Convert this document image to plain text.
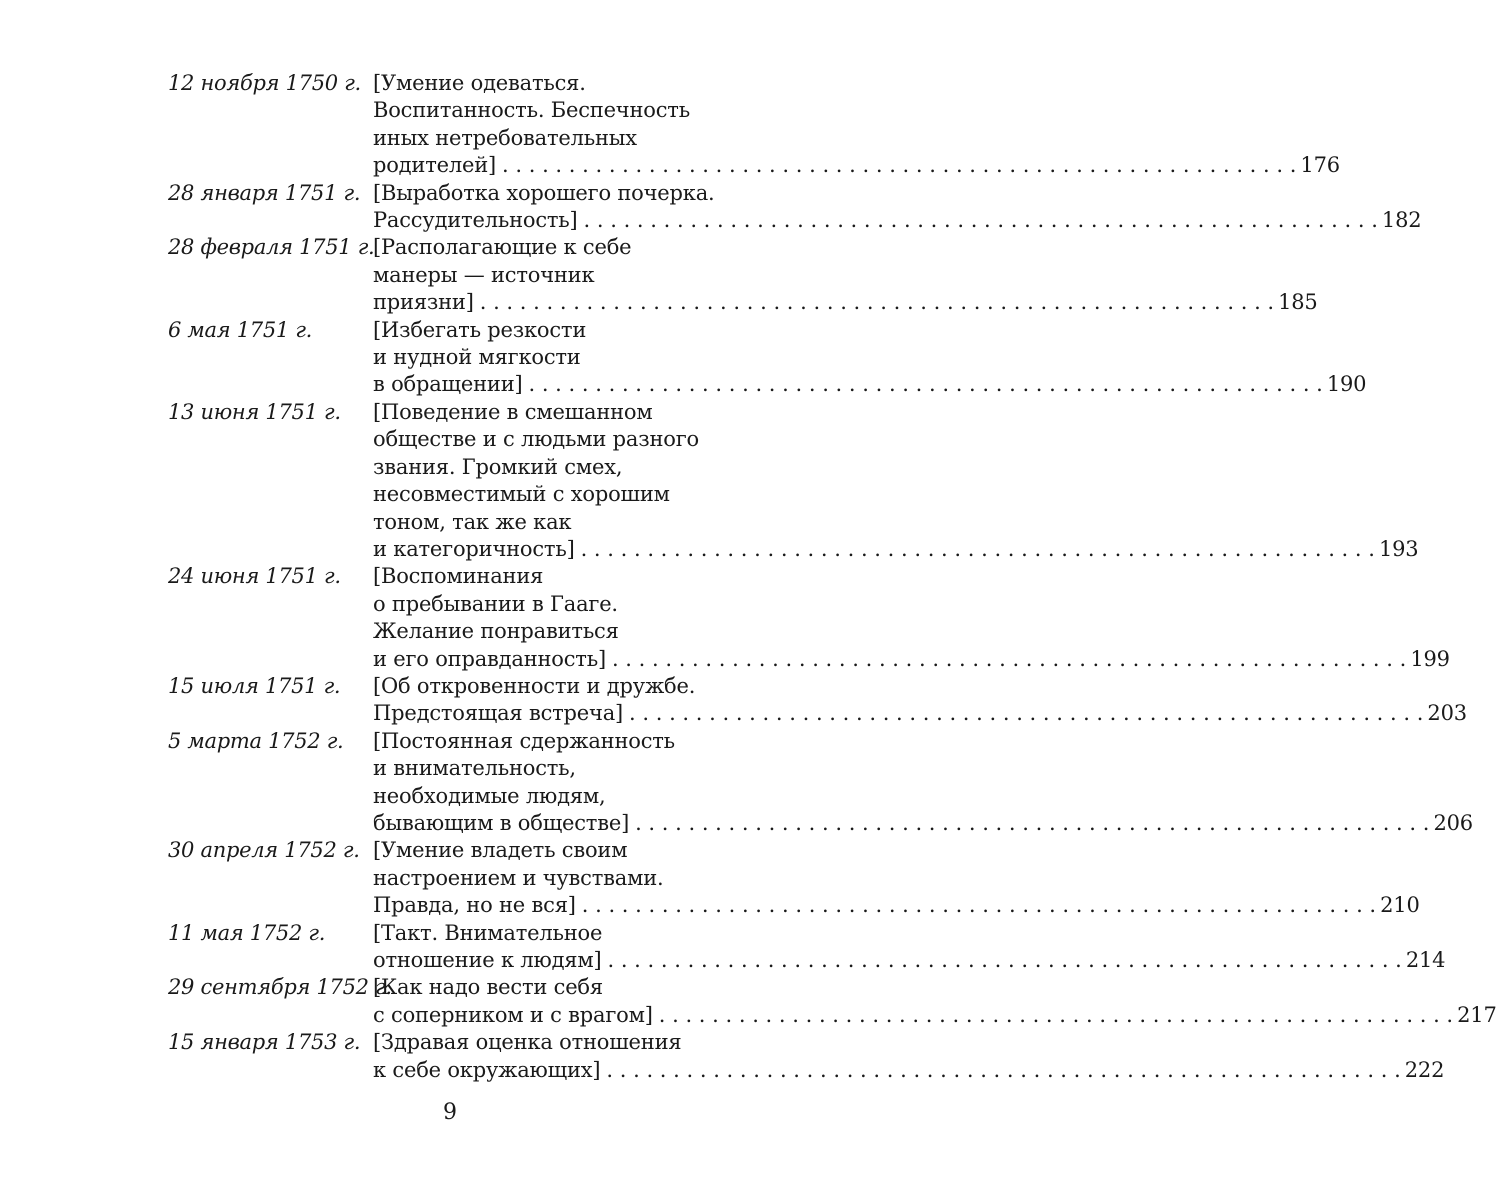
12 ноября 1750 г. [Умение одеваться.
Воспитанность. Беспечность
иных нетребовательных
родителей] . . .	176
28 января 1751 г. [Выработка хорошего почерка.
Рассудительность] . . .	182
28 февраля 1751 г.
[Располагающие к себе
манеры — источник
приязни] . . .	185
6 мая 1751 г.	[Избегать резкости
и нудной мягкости
в обращении] . . .	190
13 июня 1751 г.	[Поведение в смешанном
обществе и с людьми разного
звания. Громкий смех,
несовместимый с хорошим
тоном, так же как
и категоричность] . . .	193
24 июня 1751 г.	[Воспоминания
о пребывании в Гааге.
Желание понравиться
и его оправданность] . . .	199
15 июля 1751 г.	[Об откровенности и дружбе.
Предстоящая встреча] . . .	203
5 марта 1752 г.	[Постоянная сдержанность
и внимательность,
необходимые людям,
бывающим в обществе] . . .	206
30 апреля 1752 г. [Умение владеть своим
настроением и чувствами.
Правда, но не вся] . . .	210
11 мая 1752 г.	[Такт. Внимательное
отношение к людям] . . .	214
29 сентября 1752 г.
[Как надо вести себя
с соперником и с врагом] . . .	217
15 января 1753 г. [Здравая оценка отношения
к себе окружающих] . . .	222
9
